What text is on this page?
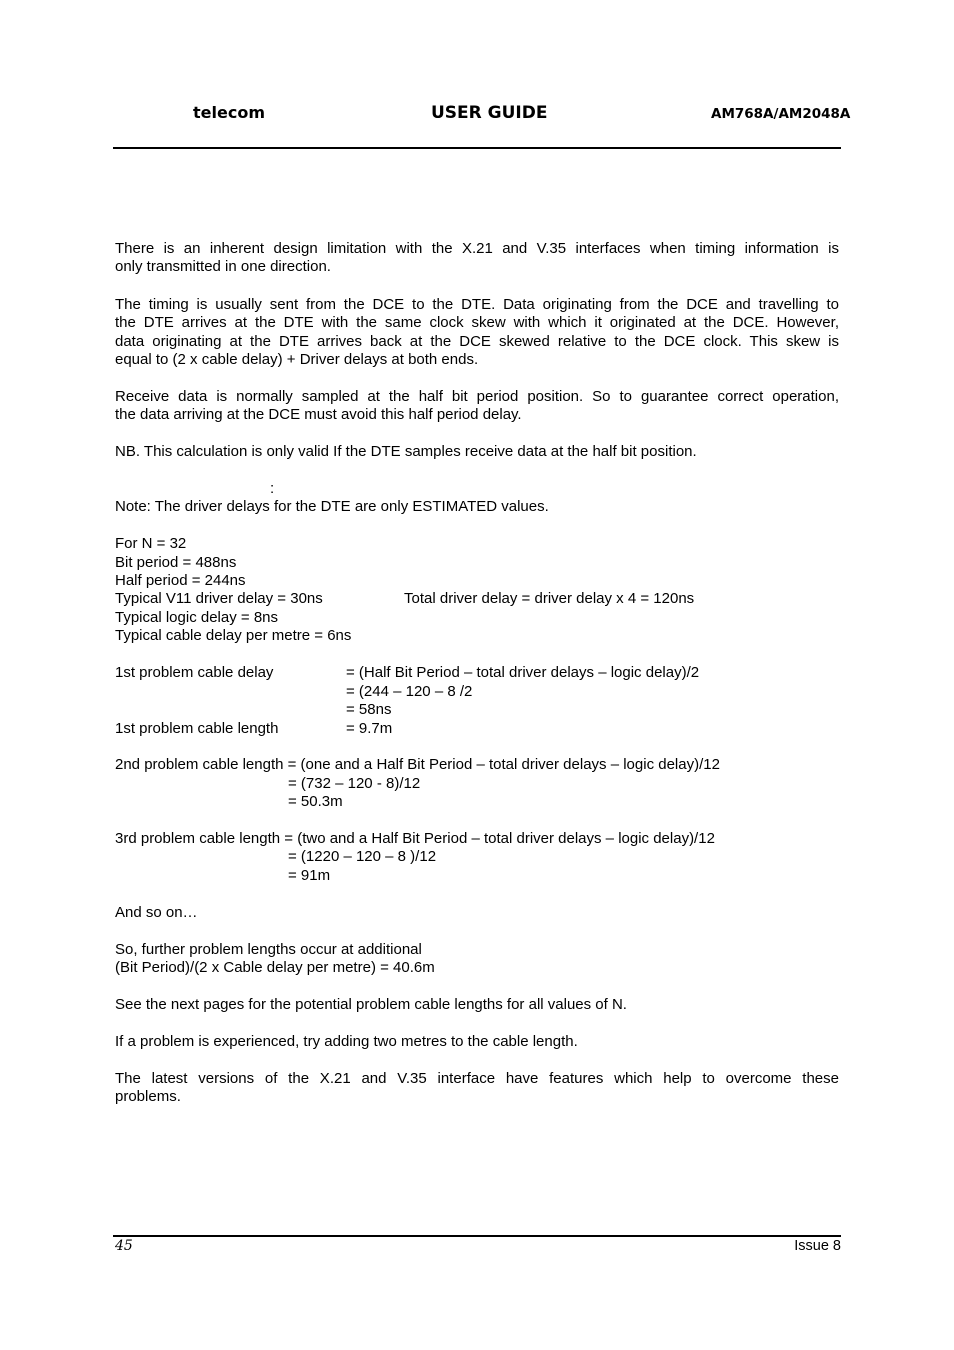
telecom	USER GUIDE	AM768A/AM2048A
There is an inherent design limitation with the X.21 and V.35 interfaces when timing information is
only transmitted in one direction.
The timing is usually sent from the DCE to the DTE. Data originating from the DCE and travelling to
the DTE arrives at the DTE with the same clock skew with which it originated at the DCE. However,
data originating at the DTE arrives back at the DCE skewed relative to the DCE clock. This skew is
equal to (2 x cable delay) + Driver delays at both ends.
Receive data is normally sampled at the half bit period position. So to guarantee correct operation,
the data arriving at the DCE must avoid this half period delay.
NB. This calculation is only valid If the DTE samples receive data at the half bit position.
:
Note: The driver delays for the DTE are only ESTIMATED values.
For N = 32
Bit period = 488ns
Half period = 244ns
Typical V11 driver delay = 30ns	Total driver delay = driver delay x 4 = 120ns
Typical logic delay = 8ns
Typical cable delay per metre = 6ns
1st problem cable delay	= (Half Bit Period – total driver delays – logic delay)/2
= (244 – 120 – 8 /2
= 58ns
1st problem cable length	= 9.7m
2nd problem cable length = (one and a Half Bit Period – total driver delays – logic delay)/12
= (732 – 120 - 8)/12
= 50.3m
3rd problem cable length = (two and a Half Bit Period – total driver delays – logic delay)/12
= (1220 – 120 – 8 )/12
= 91m
And so on…
So, further problem lengths occur at additional
(Bit Period)/(2 x Cable delay per metre) = 40.6m
See the next pages for the potential problem cable lengths for all values of N.
If a problem is experienced, try adding two metres to the cable length.
The latest versions of the X.21 and V.35 interface have features which help to overcome these
problems.
45	Issue 8
